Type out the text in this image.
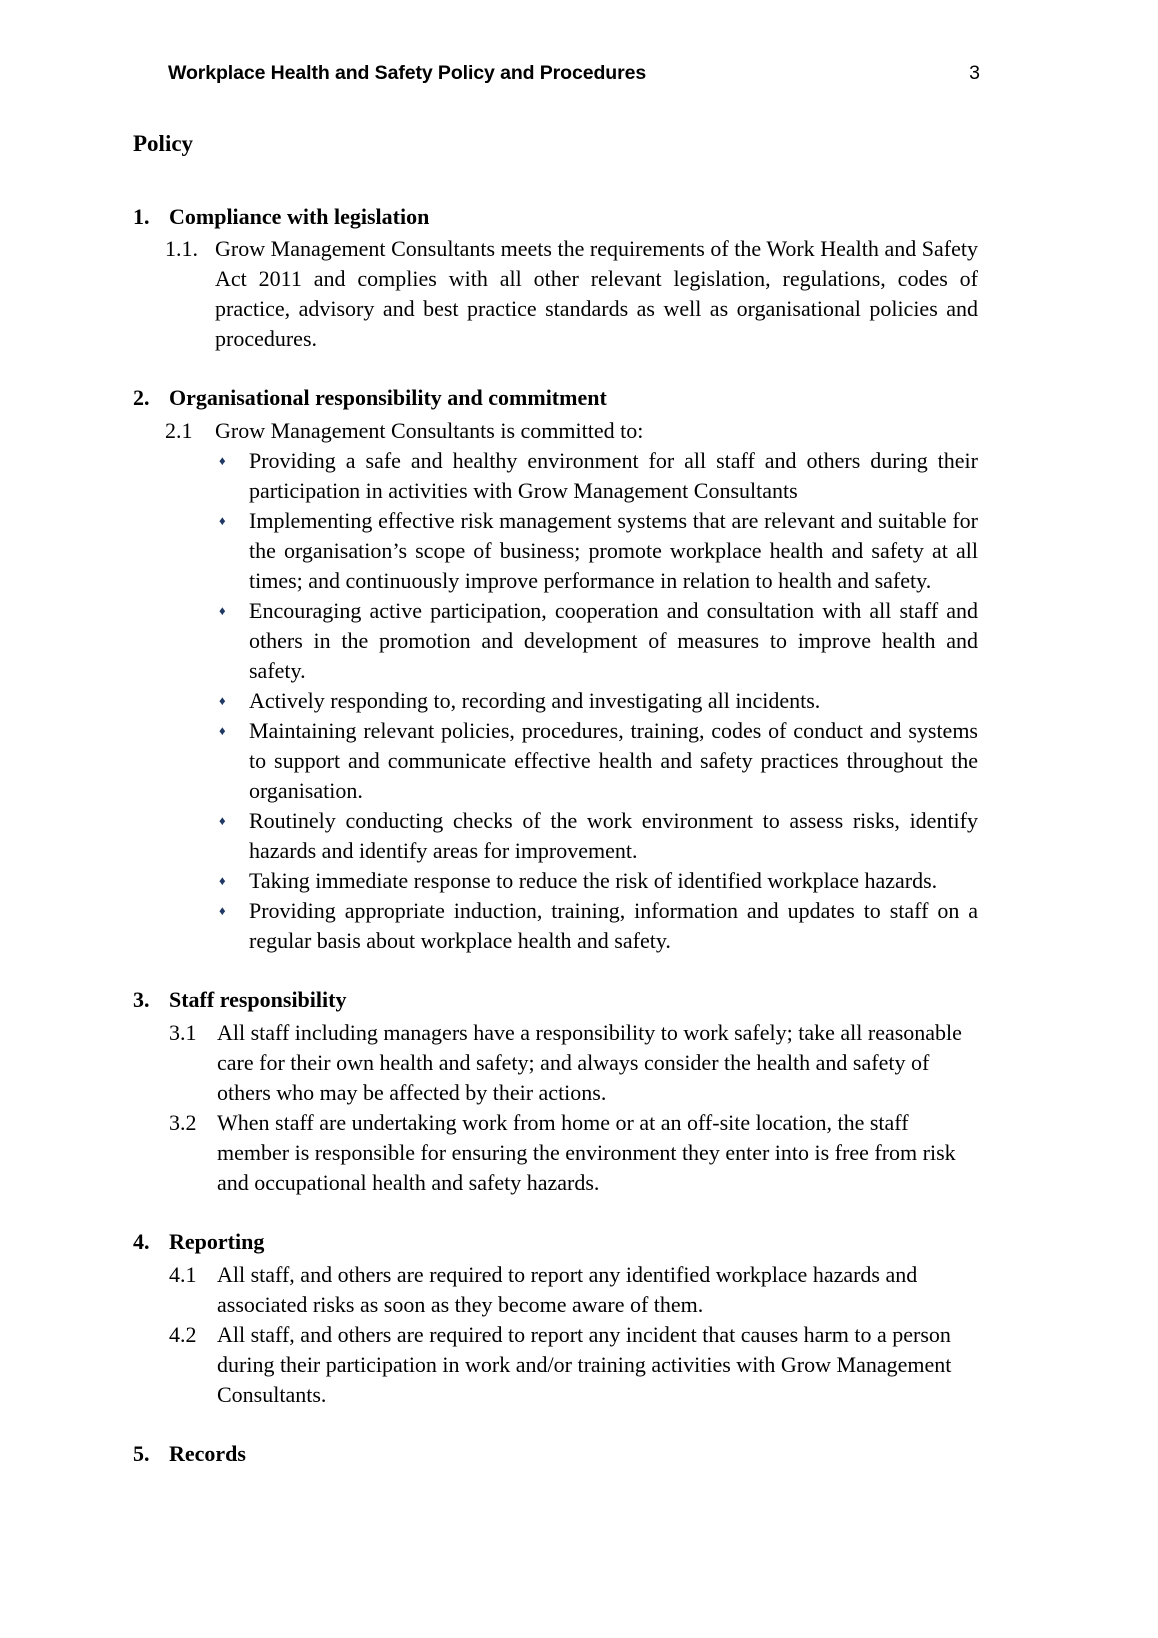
Workplace Health and Safety Policy and Procedures	3
Policy
1. Compliance with legislation
1.1. Grow Management Consultants meets the requirements of the Work Health and Safety Act 2011 and complies with all other relevant legislation, regulations, codes of practice, advisory and best practice standards as well as organisational policies and procedures.
2. Organisational responsibility and commitment
2.1	Grow Management Consultants is committed to:
♦	Providing a safe and healthy environment for all staff and others during their participation in activities with Grow Management Consultants
♦	Implementing effective risk management systems that are relevant and suitable for the organisation’s scope of business; promote workplace health and safety at all times; and continuously improve performance in relation to health and safety.
♦	Encouraging active participation, cooperation and consultation with all staff and others in the promotion and development of measures to improve health and safety.
♦	Actively responding to, recording and investigating all incidents.
♦	Maintaining relevant policies, procedures, training, codes of conduct and systems to support and communicate effective health and safety practices throughout the organisation.
♦	Routinely conducting checks of the work environment to assess risks, identify hazards and identify areas for improvement.
♦	Taking immediate response to reduce the risk of identified workplace hazards.
♦	Providing appropriate induction, training, information and updates to staff on a regular basis about workplace health and safety.
3. Staff responsibility
3.1 All staff including managers have a responsibility to work safely; take all reasonable care for their own health and safety; and always consider the health and safety of others who may be affected by their actions.
3.2 When staff are undertaking work from home or at an off-site location, the staff member is responsible for ensuring the environment they enter into is free from risk and occupational health and safety hazards.
4. Reporting
4.1 All staff, and others are required to report any identified workplace hazards and associated risks as soon as they become aware of them.
4.2 All staff, and others are required to report any incident that causes harm to a person during their participation in work and/or training activities with Grow Management Consultants.
5. Records
